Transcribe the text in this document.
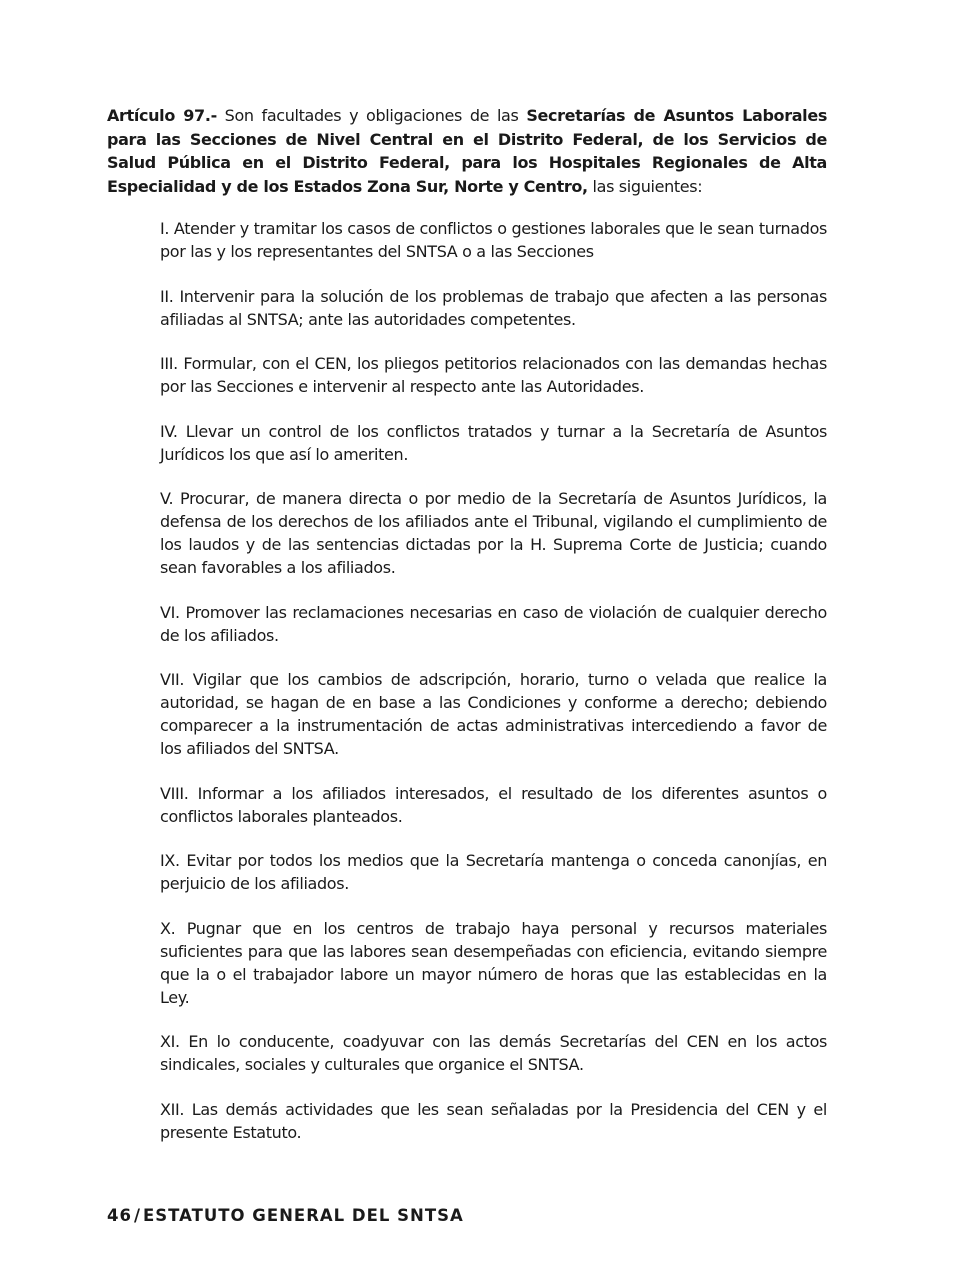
Artículo 97.- Son facultades y obligaciones de las Secretarías de Asuntos Laborales para las Secciones de Nivel Central en el Distrito Federal, de los Servicios de Salud Pública en el Distrito Federal, para los Hospitales Regionales de Alta Especialidad y de los Estados Zona Sur, Norte y Centro, las siguientes:

I. Atender y tramitar los casos de conflictos o gestiones laborales que le sean turnados por las y los representantes del SNTSA o a las Secciones
II. Intervenir para la solución de los problemas de trabajo que afecten a las personas afiliadas al SNTSA; ante las autoridades competentes.
III. Formular, con el CEN, los pliegos petitorios relacionados con las demandas hechas por las Secciones e intervenir al respecto ante las Autoridades.
IV. Llevar un control de los conflictos tratados y turnar a la Secretaría de Asuntos Jurídicos los que así lo ameriten.
V. Procurar, de manera directa o por medio de la Secretaría de Asuntos Jurídicos, la defensa de los derechos de los afiliados ante el Tribunal, vigilando el cumplimiento de los laudos y de las sentencias dictadas por la H. Suprema Corte de Justicia; cuando sean favorables a los afiliados.
VI. Promover las reclamaciones necesarias en caso de violación de cualquier derecho de los afiliados.
VII. Vigilar que los cambios de adscripción, horario, turno o velada que realice la autoridad, se hagan de en base a las Condiciones y conforme a derecho; debiendo comparecer a la instrumentación de actas administrativas intercediendo a favor de los afiliados del SNTSA.
VIII. Informar a los afiliados interesados, el resultado de los diferentes asuntos o conflictos laborales planteados.
IX. Evitar por todos los medios que la Secretaría mantenga o conceda canonjías, en perjuicio de los afiliados.
X. Pugnar que en los centros de trabajo haya personal y recursos materiales suficientes para que las labores sean desempeñadas con eficiencia, evitando siempre que la o el trabajador labore un mayor número de horas que las establecidas en la Ley.
XI. En lo conducente, coadyuvar con las demás Secretarías del CEN en los actos sindicales, sociales y culturales que organice el SNTSA.
XII. Las demás actividades que les sean señaladas por la Presidencia del CEN y el presente Estatuto.
46 / ESTATUTO GENERAL DEL SNTSA
